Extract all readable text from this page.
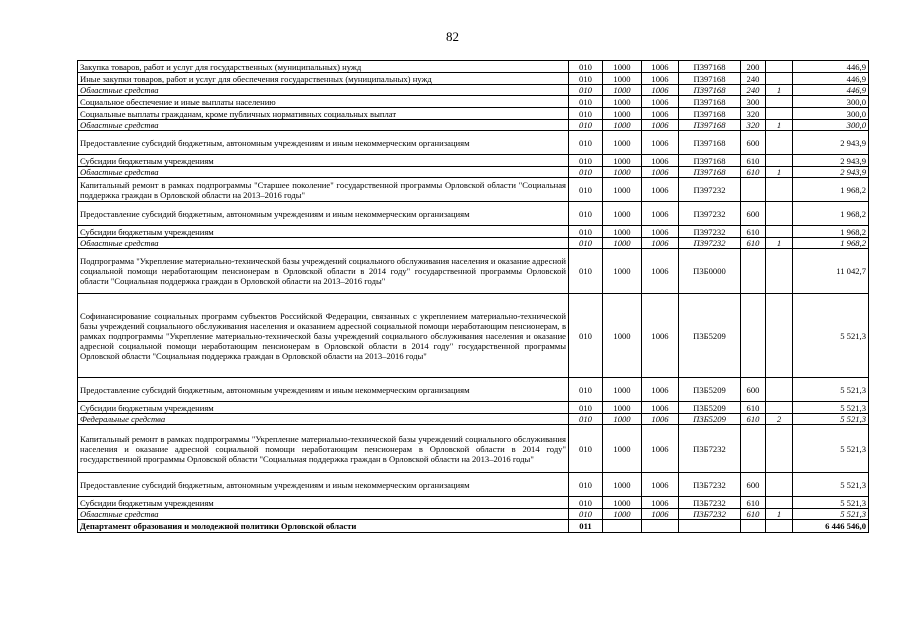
82
Закупка товаров, работ и услуг для государственных (муниципальных) нужд	010	1000	1006	П397168	200		446,9
Иные закупки товаров, работ и услуг для обеспечения государственных (муниципальных) нужд	010	1000	1006	П397168	240		446,9
Областные средства	010	1000	1006	П397168	240	1	446,9
Социальное обеспечение и иные выплаты населению	010	1000	1006	П397168	300		300,0
Социальные выплаты гражданам, кроме публичных нормативных социальных выплат	010	1000	1006	П397168	320		300,0
Областные средства	010	1000	1006	П397168	320	1	300,0
Предоставление субсидий бюджетным, автономным учреждениям и иным некоммерческим организациям	010	1000	1006	П397168	600		2 943,9
Субсидии бюджетным учреждениям	010	1000	1006	П397168	610		2 943,9
Областные средства	010	1000	1006	П397168	610	1	2 943,9
Капитальный ремонт в рамках подпрограммы "Старшее поколение" государственной программы Орловской области "Социальная поддержка граждан в Орловской области на 2013–2016 годы"	010	1000	1006	П397232			1 968,2
Предоставление субсидий бюджетным, автономным учреждениям и иным некоммерческим организациям	010	1000	1006	П397232	600		1 968,2
Субсидии бюджетным учреждениям	010	1000	1006	П397232	610		1 968,2
Областные средства	010	1000	1006	П397232	610	1	1 968,2
Подпрограмма "Укрепление материально-технической базы учреждений социального обслуживания населения и оказание адресной социальной помощи неработающим пенсионерам в Орловской области в 2014 году" государственной программы Орловской области "Социальная поддержка граждан в Орловской области на 2013–2016 годы"	010	1000	1006	П3Б0000			11 042,7
Софинансирование социальных программ субъектов Российской Федерации, связанных с укреплением материально-технической базы учреждений социального обслуживания населения и оказанием адресной социальной помощи неработающим пенсионерам, в рамках подпрограммы "Укрепление материально-технической базы учреждений социального обслуживания населения и оказание адресной социальной помощи неработающим пенсионерам в Орловской области в 2014 году" государственной программы Орловской области "Социальная поддержка граждан в Орловской области на 2013–2016 годы"	010	1000	1006	П3Б5209			5 521,3
Предоставление субсидий бюджетным, автономным учреждениям и иным некоммерческим организациям	010	1000	1006	П3Б5209	600		5 521,3
Субсидии бюджетным учреждениям	010	1000	1006	П3Б5209	610		5 521,3
Федеральные средства	010	1000	1006	П3Б5209	610	2	5 521,3
Капитальный ремонт в рамках подпрограммы "Укрепление материально-технической базы учреждений социального обслуживания населения и оказание адресной социальной помощи неработающим пенсионерам в Орловской области в 2014 году" государственной программы Орловской области "Социальная поддержка граждан в Орловской области на 2013–2016 годы"	010	1000	1006	П3Б7232			5 521,3
Предоставление субсидий бюджетным, автономным учреждениям и иным некоммерческим организациям	010	1000	1006	П3Б7232	600		5 521,3
Субсидии бюджетным учреждениям	010	1000	1006	П3Б7232	610		5 521,3
Областные средства	010	1000	1006	П3Б7232	610	1	5 521,3
Департамент образования и молодежной политики Орловской области	011						6 446 546,0
